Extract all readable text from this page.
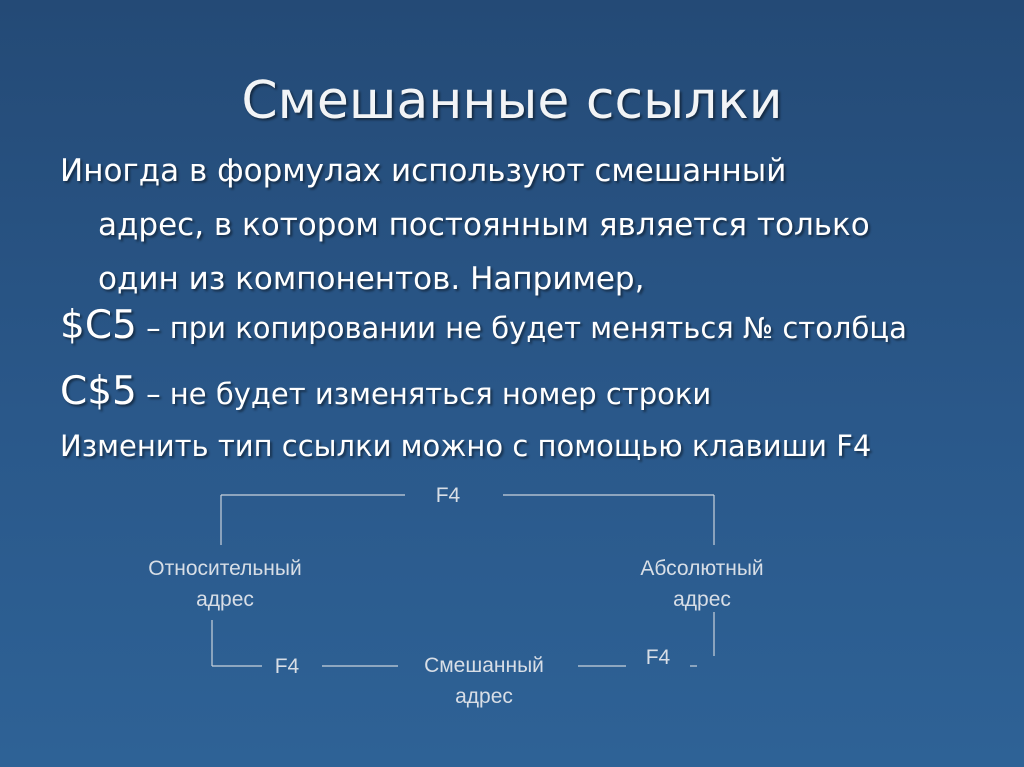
Смешанные ссылки
Иногда в формулах используют смешанный
адрес, в котором постоянным является только
один из компонентов. Например,
$C5 – при копировании не будет меняться № столбца
C$5 – не будет изменяться номер строки
Изменить тип ссылки можно с помощью клавиши F4
F4
Относительный
адрес
Абсолютный
адрес
F4	Смешанный
адрес
F4
